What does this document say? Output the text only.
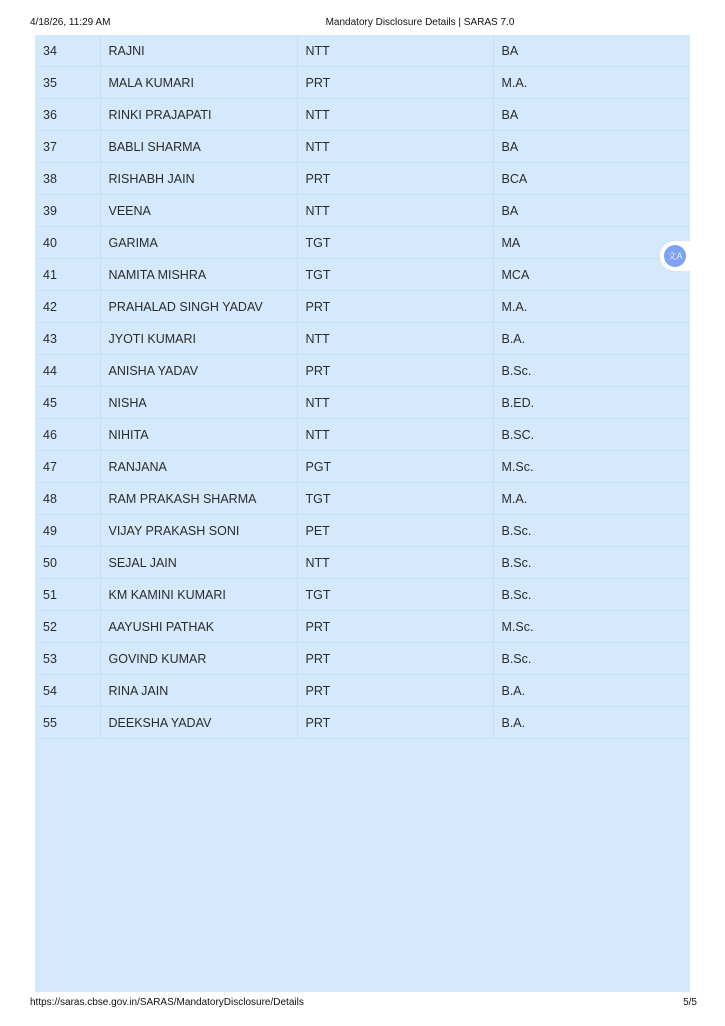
4/18/26, 11:29 AM	Mandatory Disclosure Details | SARAS 7.0
34	RAJNI	NTT	BA
35	MALA KUMARI	PRT	M.A.
36	RINKI PRAJAPATI	NTT	BA
37	BABLI SHARMA	NTT	BA
38	RISHABH JAIN	PRT	BCA
39	VEENA	NTT	BA
40	GARIMA	TGT	MA
41	NAMITA MISHRA	TGT	MCA
42	PRAHALAD SINGH YADAV	PRT	M.A.
43	JYOTI KUMARI	NTT	B.A.
44	ANISHA YADAV	PRT	B.Sc.
45	NISHA	NTT	B.ED.
46	NIHITA	NTT	B.SC.
47	RANJANA	PGT	M.Sc.
48	RAM PRAKASH SHARMA	TGT	M.A.
49	VIJAY PRAKASH SONI	PET	B.Sc.
50	SEJAL JAIN	NTT	B.Sc.
51	KM KAMINI KUMARI	TGT	B.Sc.
52	AAYUSHI PATHAK	PRT	M.Sc.
53	GOVIND KUMAR	PRT	B.Sc.
54	RINA JAIN	PRT	B.A.
55	DEEKSHA YADAV	PRT	B.A.
文A
https://saras.cbse.gov.in/SARAS/MandatoryDisclosure/Details	5/5
